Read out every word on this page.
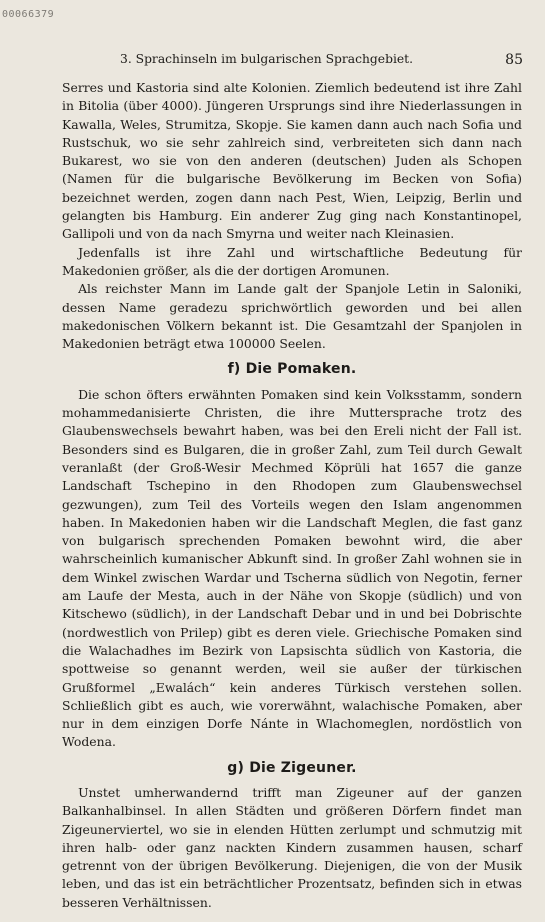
00066379
3. Sprachinseln im bulgarischen Sprachgebiet.	85

Serres und Kastoria sind alte Kolonien. Ziemlich bedeutend ist ihre Zahl in Bitolia (über 4000). Jüngeren Ursprungs sind ihre Niederlassungen in Kawalla, Weles, Strumitza, Skopje. Sie kamen dann auch nach Sofia und Rustschuk, wo sie sehr zahlreich sind, verbreiteten sich dann nach Bukarest, wo sie von den anderen (deutschen) Juden als Schopen (Namen für die bulgarische Bevölkerung im Becken von Sofia) bezeichnet werden, zogen dann nach Pest, Wien, Leipzig, Berlin und gelangten bis Hamburg. Ein anderer Zug ging nach Konstantinopel, Gallipoli und von da nach Smyrna und weiter nach Kleinasien.

Jedenfalls ist ihre Zahl und wirtschaftliche Bedeutung für Makedonien größer, als die der dortigen Aromunen.

Als reichster Mann im Lande galt der Spanjole Letin in Saloniki, dessen Name geradezu sprichwörtlich geworden und bei allen makedonischen Völkern bekannt ist. Die Gesamtzahl der Spanjolen in Makedonien beträgt etwa 100000 Seelen.

f) Die Pomaken.

Die schon öfters erwähnten Pomaken sind kein Volksstamm, sondern mohammedanisierte Christen, die ihre Muttersprache trotz des Glaubenswechsels bewahrt haben, was bei den Ereli nicht der Fall ist. Besonders sind es Bulgaren, die in großer Zahl, zum Teil durch Gewalt veranlaßt (der Groß-Wesir Mechmed Köprüli hat 1657 die ganze Landschaft Tschepino in den Rhodopen zum Glaubenswechsel gezwungen), zum Teil des Vorteils wegen den Islam angenommen haben. In Makedonien haben wir die Landschaft Meglen, die fast ganz von bulgarisch sprechenden Pomaken bewohnt wird, die aber wahrscheinlich kumanischer Abkunft sind. In großer Zahl wohnen sie in dem Winkel zwischen Wardar und Tscherna südlich von Negotin, ferner am Laufe der Mesta, auch in der Nähe von Skopje (südlich) und von Kitschewo (südlich), in der Landschaft Debar und in und bei Dobrischte (nordwestlich von Prilep) gibt es deren viele. Griechische Pomaken sind die Walachadhes im Bezirk von Lapsischta südlich von Kastoria, die spottweise so genannt werden, weil sie außer der türkischen Grußformel „Ewalách“ kein anderes Türkisch verstehen sollen. Schließlich gibt es auch, wie vorerwähnt, walachische Pomaken, aber nur in dem einzigen Dorfe Nánte in Wlachomeglen, nordöstlich von Wodena.

g) Die Zigeuner.

Unstet umherwandernd trifft man Zigeuner auf der ganzen Balkanhalbinsel. In allen Städten und größeren Dörfern findet man Zigeunerviertel, wo sie in elenden Hütten zerlumpt und schmutzig mit ihren halb- oder ganz nackten Kindern zusammen hausen, scharf getrennt von der übrigen Bevölkerung. Diejenigen, die von der Musik leben, und das ist ein beträchtlicher Prozentsatz, befinden sich in etwas besseren Verhältnissen.
